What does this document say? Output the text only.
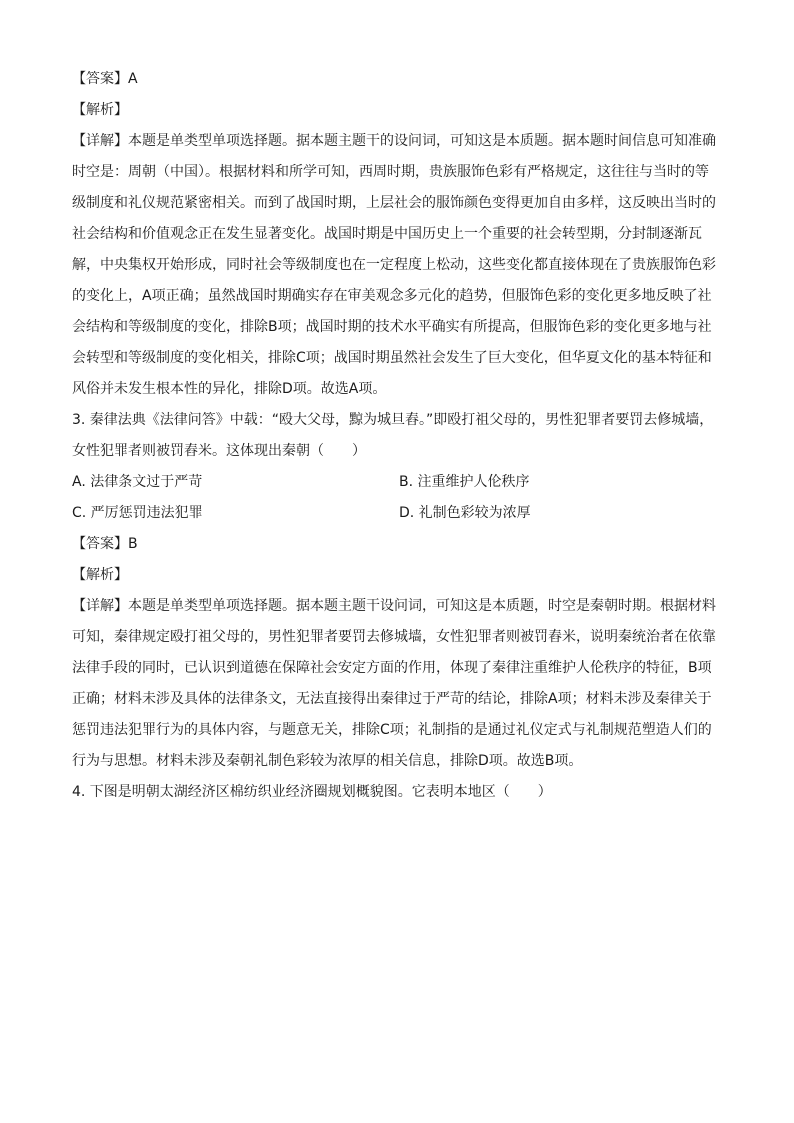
【答案】A
【解析】
【详解】本题是单类型单项选择题。据本题主题干的设问词，可知这是本质题。据本题时间信息可知准确
时空是：周朝（中国）。根据材料和所学可知，西周时期，贵族服饰色彩有严格规定，这往往与当时的等
级制度和礼仪规范紧密相关。而到了战国时期，上层社会的服饰颜色变得更加自由多样，这反映出当时的
社会结构和价值观念正在发生显著变化。战国时期是中国历史上一个重要的社会转型期，分封制逐渐瓦
解，中央集权开始形成，同时社会等级制度也在一定程度上松动，这些变化都直接体现在了贵族服饰色彩
的变化上，A项正确；虽然战国时期确实存在审美观念多元化的趋势，但服饰色彩的变化更多地反映了社
会结构和等级制度的变化，排除B项；战国时期的技术水平确实有所提高，但服饰色彩的变化更多地与社
会转型和等级制度的变化相关，排除C项；战国时期虽然社会发生了巨大变化，但华夏文化的基本特征和
风俗并未发生根本性的异化，排除D项。故选A项。
3. 秦律法典《法律问答》中载：“殴大父母，黥为城旦舂。”即殴打祖父母的，男性犯罪者要罚去修城墙，
女性犯罪者则被罚舂米。这体现出秦朝（　　）
A. 法律条文过于严苛	B. 注重维护人伦秩序
C. 严厉惩罚违法犯罪	D. 礼制色彩较为浓厚
【答案】B
【解析】
【详解】本题是单类型单项选择题。据本题主题干设问词，可知这是本质题，时空是秦朝时期。根据材料
可知，秦律规定殴打祖父母的，男性犯罪者要罚去修城墙，女性犯罪者则被罚舂米，说明秦统治者在依靠
法律手段的同时，已认识到道德在保障社会安定方面的作用，体现了秦律注重维护人伦秩序的特征，B项
正确；材料未涉及具体的法律条文，无法直接得出秦律过于严苛的结论，排除A项；材料未涉及秦律关于
惩罚违法犯罪行为的具体内容，与题意无关，排除C项；礼制指的是通过礼仪定式与礼制规范塑造人们的
行为与思想。材料未涉及秦朝礼制色彩较为浓厚的相关信息，排除D项。故选B项。
4. 下图是明朝太湖经济区棉纺织业经济圈规划概貌图。它表明本地区（　　）
